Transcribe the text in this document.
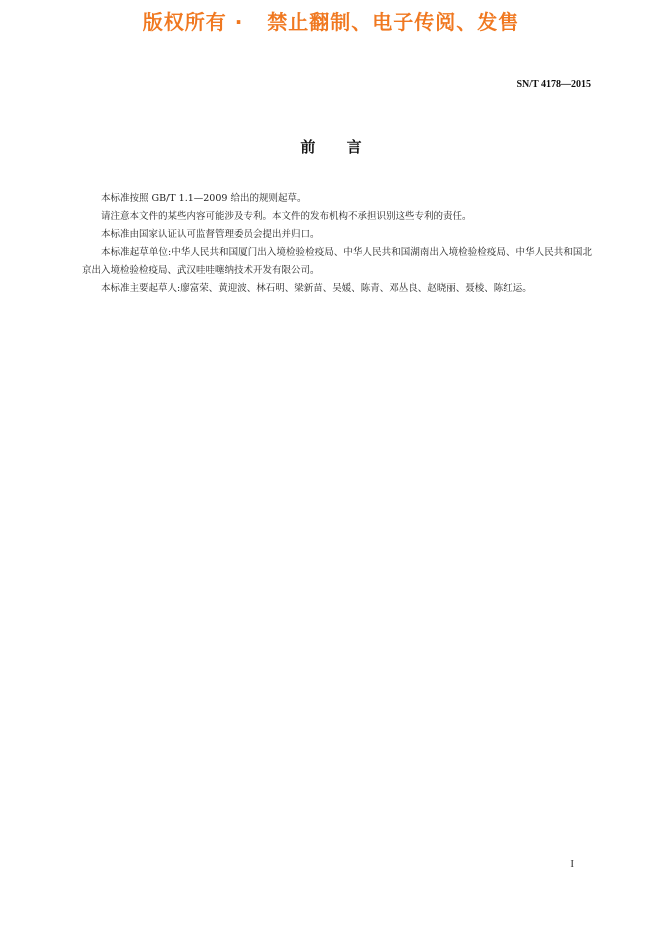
版权所有 ·   禁止翻制、电子传阅、发售
SN/T 4178—2015
前      言

本标准按照 GB/T 1.1—2009 给出的规则起草。

请注意本文件的某些内容可能涉及专利。本文件的发布机构不承担识别这些专利的责任。

本标准由国家认证认可监督管理委员会提出并归口。

本标准起草单位:中华人民共和国厦门出入境检验检疫局、中华人民共和国湖南出入境检验检疫局、中华人民共和国北京出入境检验检疫局、武汉哇哇噻纳技术开发有限公司。

本标准主要起草人:廖富荣、黄迎波、林石明、梁新苗、吴媛、陈青、邓丛良、赵晓丽、聂棱、陈红运。

I
